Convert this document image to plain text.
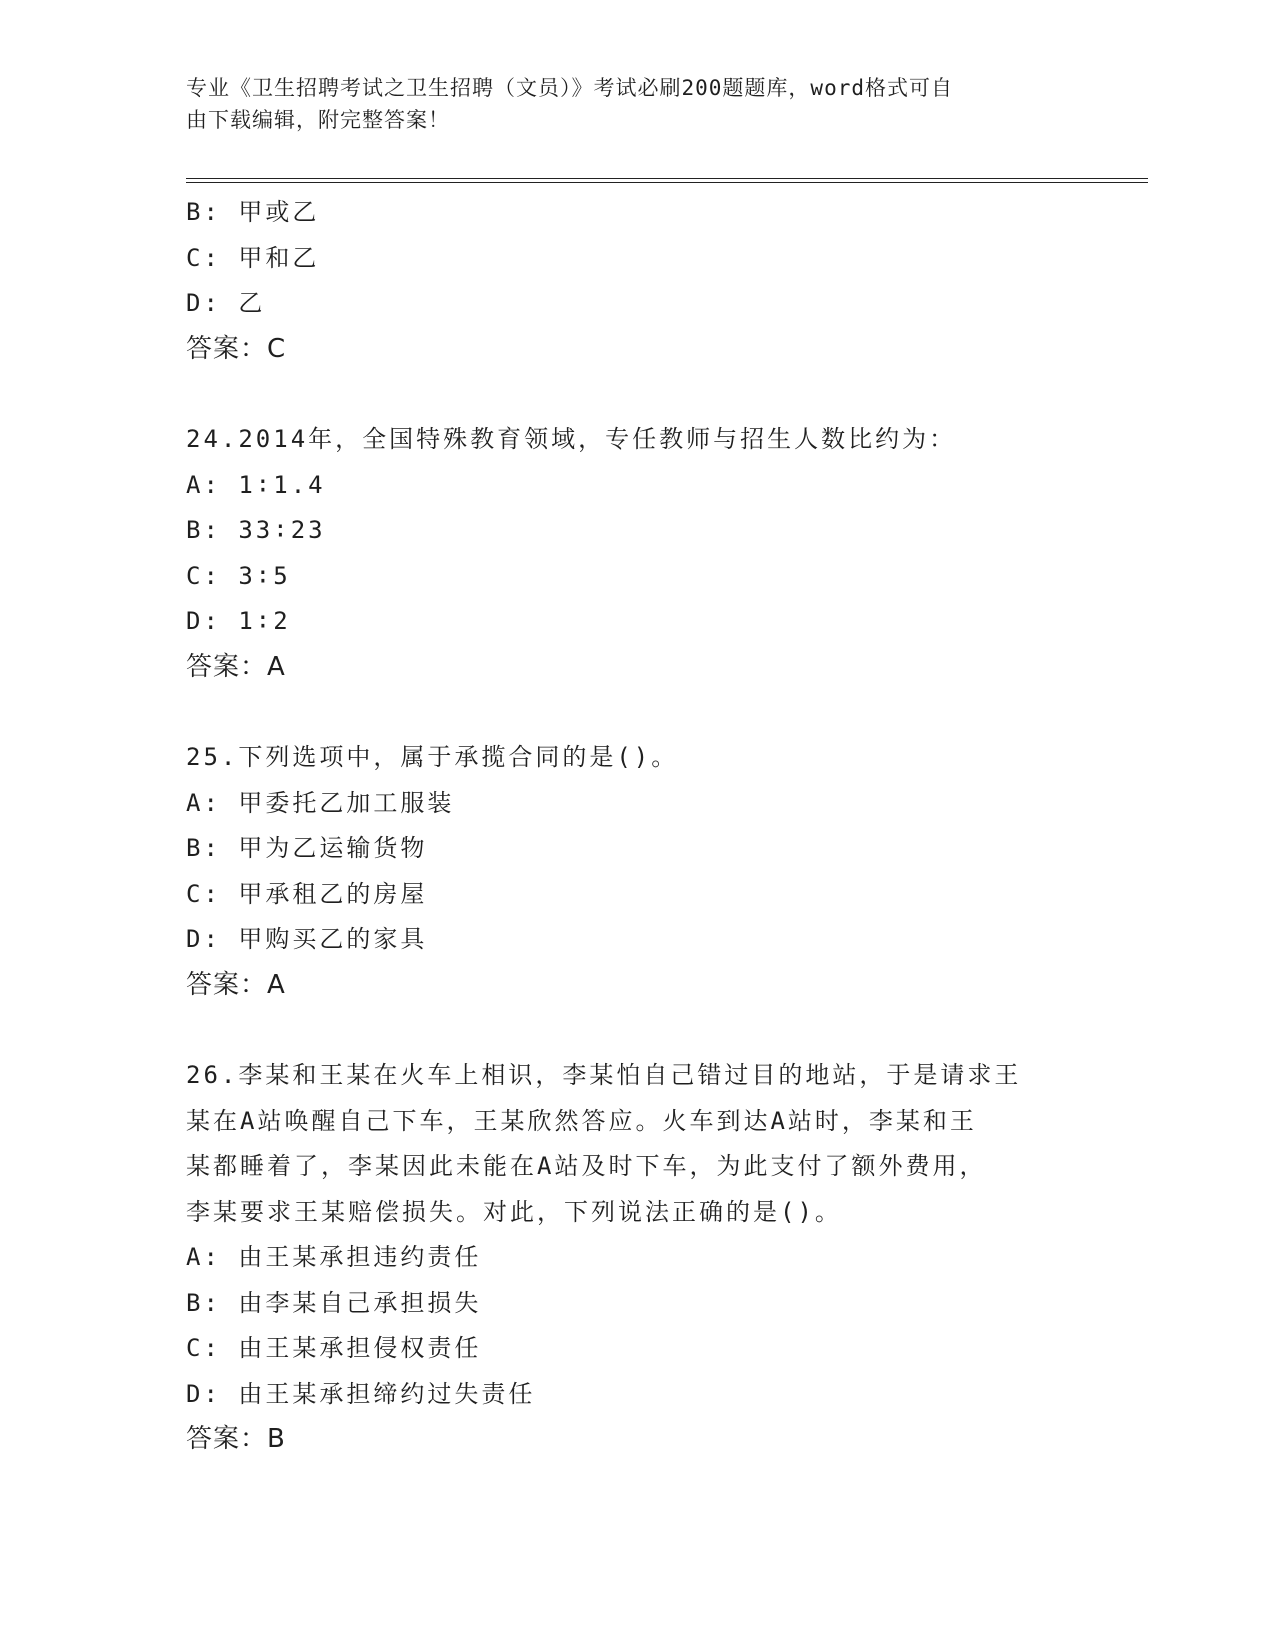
专业《卫生招聘考试之卫生招聘（文员）》考试必刷200题题库，word格式可自
由下载编辑，附完整答案！
B: 甲或乙
C: 甲和乙
D: 乙
答案：C
24.2014年，全国特殊教育领域，专任教师与招生人数比约为：
A: 1∶1.4
B: 33∶23
C: 3∶5
D: 1∶2
答案：A
25.下列选项中，属于承揽合同的是()。
A: 甲委托乙加工服装
B: 甲为乙运输货物
C: 甲承租乙的房屋
D: 甲购买乙的家具
答案：A
26.李某和王某在火车上相识，李某怕自己错过目的地站，于是请求王
某在A站唤醒自己下车，王某欣然答应。火车到达A站时，李某和王
某都睡着了，李某因此未能在A站及时下车，为此支付了额外费用，
李某要求王某赔偿损失。对此，下列说法正确的是()。
A: 由王某承担违约责任
B: 由李某自己承担损失
C: 由王某承担侵权责任
D: 由王某承担缔约过失责任
答案：B
